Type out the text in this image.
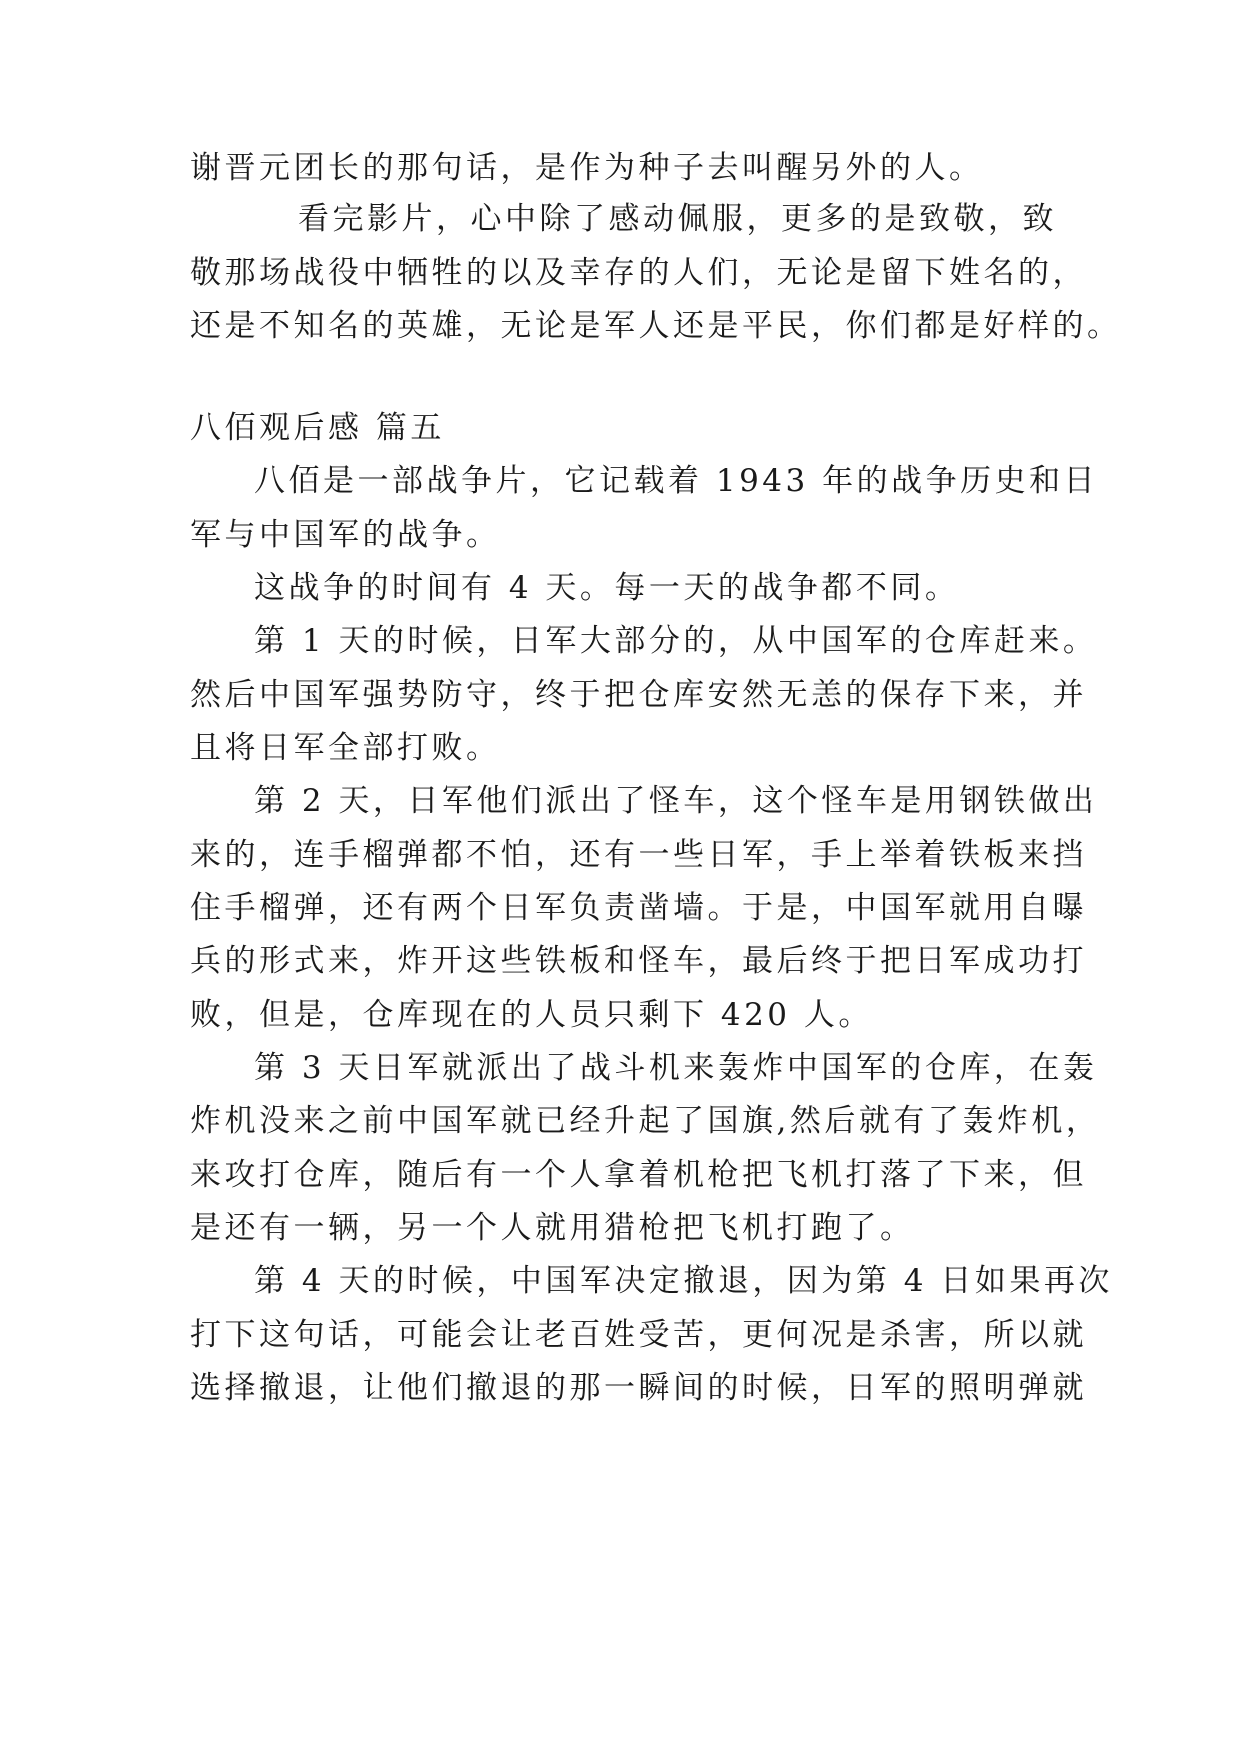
谢晋元团长的那句话，是作为种子去叫醒另外的人。
看完影片，心中除了感动佩服，更多的是致敬，致
敬那场战役中牺牲的以及幸存的人们，无论是留下姓名的，
还是不知名的英雄，无论是军人还是平民，你们都是好样的。
八佰观后感 篇五
八佰是一部战争片，它记载着 1943 年的战争历史和日
军与中国军的战争。
这战争的时间有 4 天。每一天的战争都不同。
第 1 天的时候，日军大部分的，从中国军的仓库赶来。
然后中国军强势防守，终于把仓库安然无恙的保存下来，并
且将日军全部打败。
第 2 天，日军他们派出了怪车，这个怪车是用钢铁做出
来的，连手榴弹都不怕，还有一些日军，手上举着铁板来挡
住手榴弹，还有两个日军负责凿墙。于是，中国军就用自曝
兵的形式来，炸开这些铁板和怪车，最后终于把日军成功打
败，但是，仓库现在的人员只剩下 420 人。
第 3 天日军就派出了战斗机来轰炸中国军的仓库，在轰
炸机没来之前中国军就已经升起了国旗,然后就有了轰炸机，
来攻打仓库，随后有一个人拿着机枪把飞机打落了下来，但
是还有一辆，另一个人就用猎枪把飞机打跑了。
第 4 天的时候，中国军决定撤退，因为第 4 日如果再次
打下这句话，可能会让老百姓受苦，更何况是杀害，所以就
选择撤退，让他们撤退的那一瞬间的时候，日军的照明弹就
